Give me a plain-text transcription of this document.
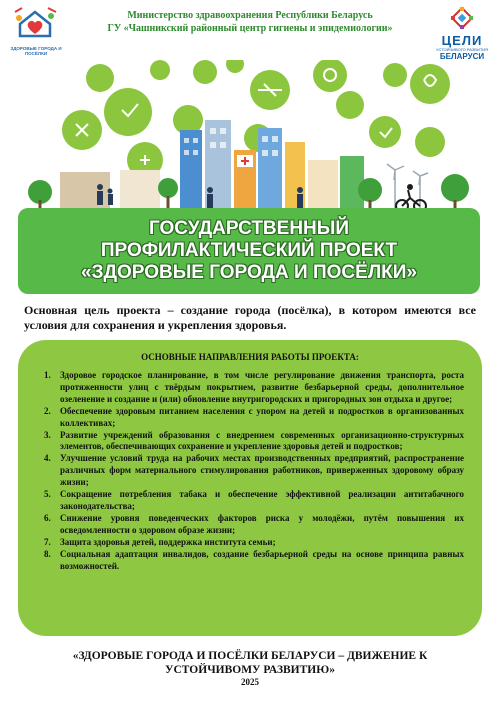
ЗДОРОВЫЕ ГОРОДА И ПОСЁЛКИ
Министерство здравоохранения Республики Беларусь
ГУ «Чашникский районный центр гигиены и эпидемиологии»
ЦЕЛИ
УСТОЙЧИВОГО РАЗВИТИЯ
БЕЛАРУСИ
ГОСУДАРСТВЕННЫЙ
ПРОФИЛАКТИЧЕСКИЙ ПРОЕКТ
«ЗДОРОВЫЕ ГОРОДА И ПОСЁЛКИ»
Основная цель проекта – создание города (посёлка), в котором имеются все условия для сохранения и укрепления здоровья.
ОСНОВНЫЕ НАПРАВЛЕНИЯ РАБОТЫ ПРОЕКТА:
1. Здоровое городское планирование, в том числе регулирование движения транспорта, роста протяженности улиц с твёрдым покрытием, развитие безбарьерной среды, дополнительное озеленение и создание и (или) обновление внутригородских и пригородных зон отдыха и другое;
2. Обеспечение здоровым питанием населения с упором на детей и подростков в организованных коллективах;
3. Развитие учреждений образования с внедрением современных организационно-структурных элементов, обеспечивающих сохранение и укрепление здоровья детей и подростков;
4. Улучшение условий труда на рабочих местах производственных предприятий, распространение различных форм материального стимулирования работников, приверженных здоровому образу жизни;
5. Сокращение потребления табака и обеспечение эффективной реализации антитабачного законодательства;
6. Снижение уровня поведенческих факторов риска у молодёжи, путём повышения их осведомленности о здоровом образе жизни;
7. Защита здоровья детей, поддержка института семьи;
8. Социальная адаптация инвалидов, создание безбарьерной среды на основе принципа равных возможностей.
«ЗДОРОВЫЕ ГОРОДА И ПОСЁЛКИ БЕЛАРУСИ – ДВИЖЕНИЕ К
УСТОЙЧИВОМУ РАЗВИТИЮ»
2025
